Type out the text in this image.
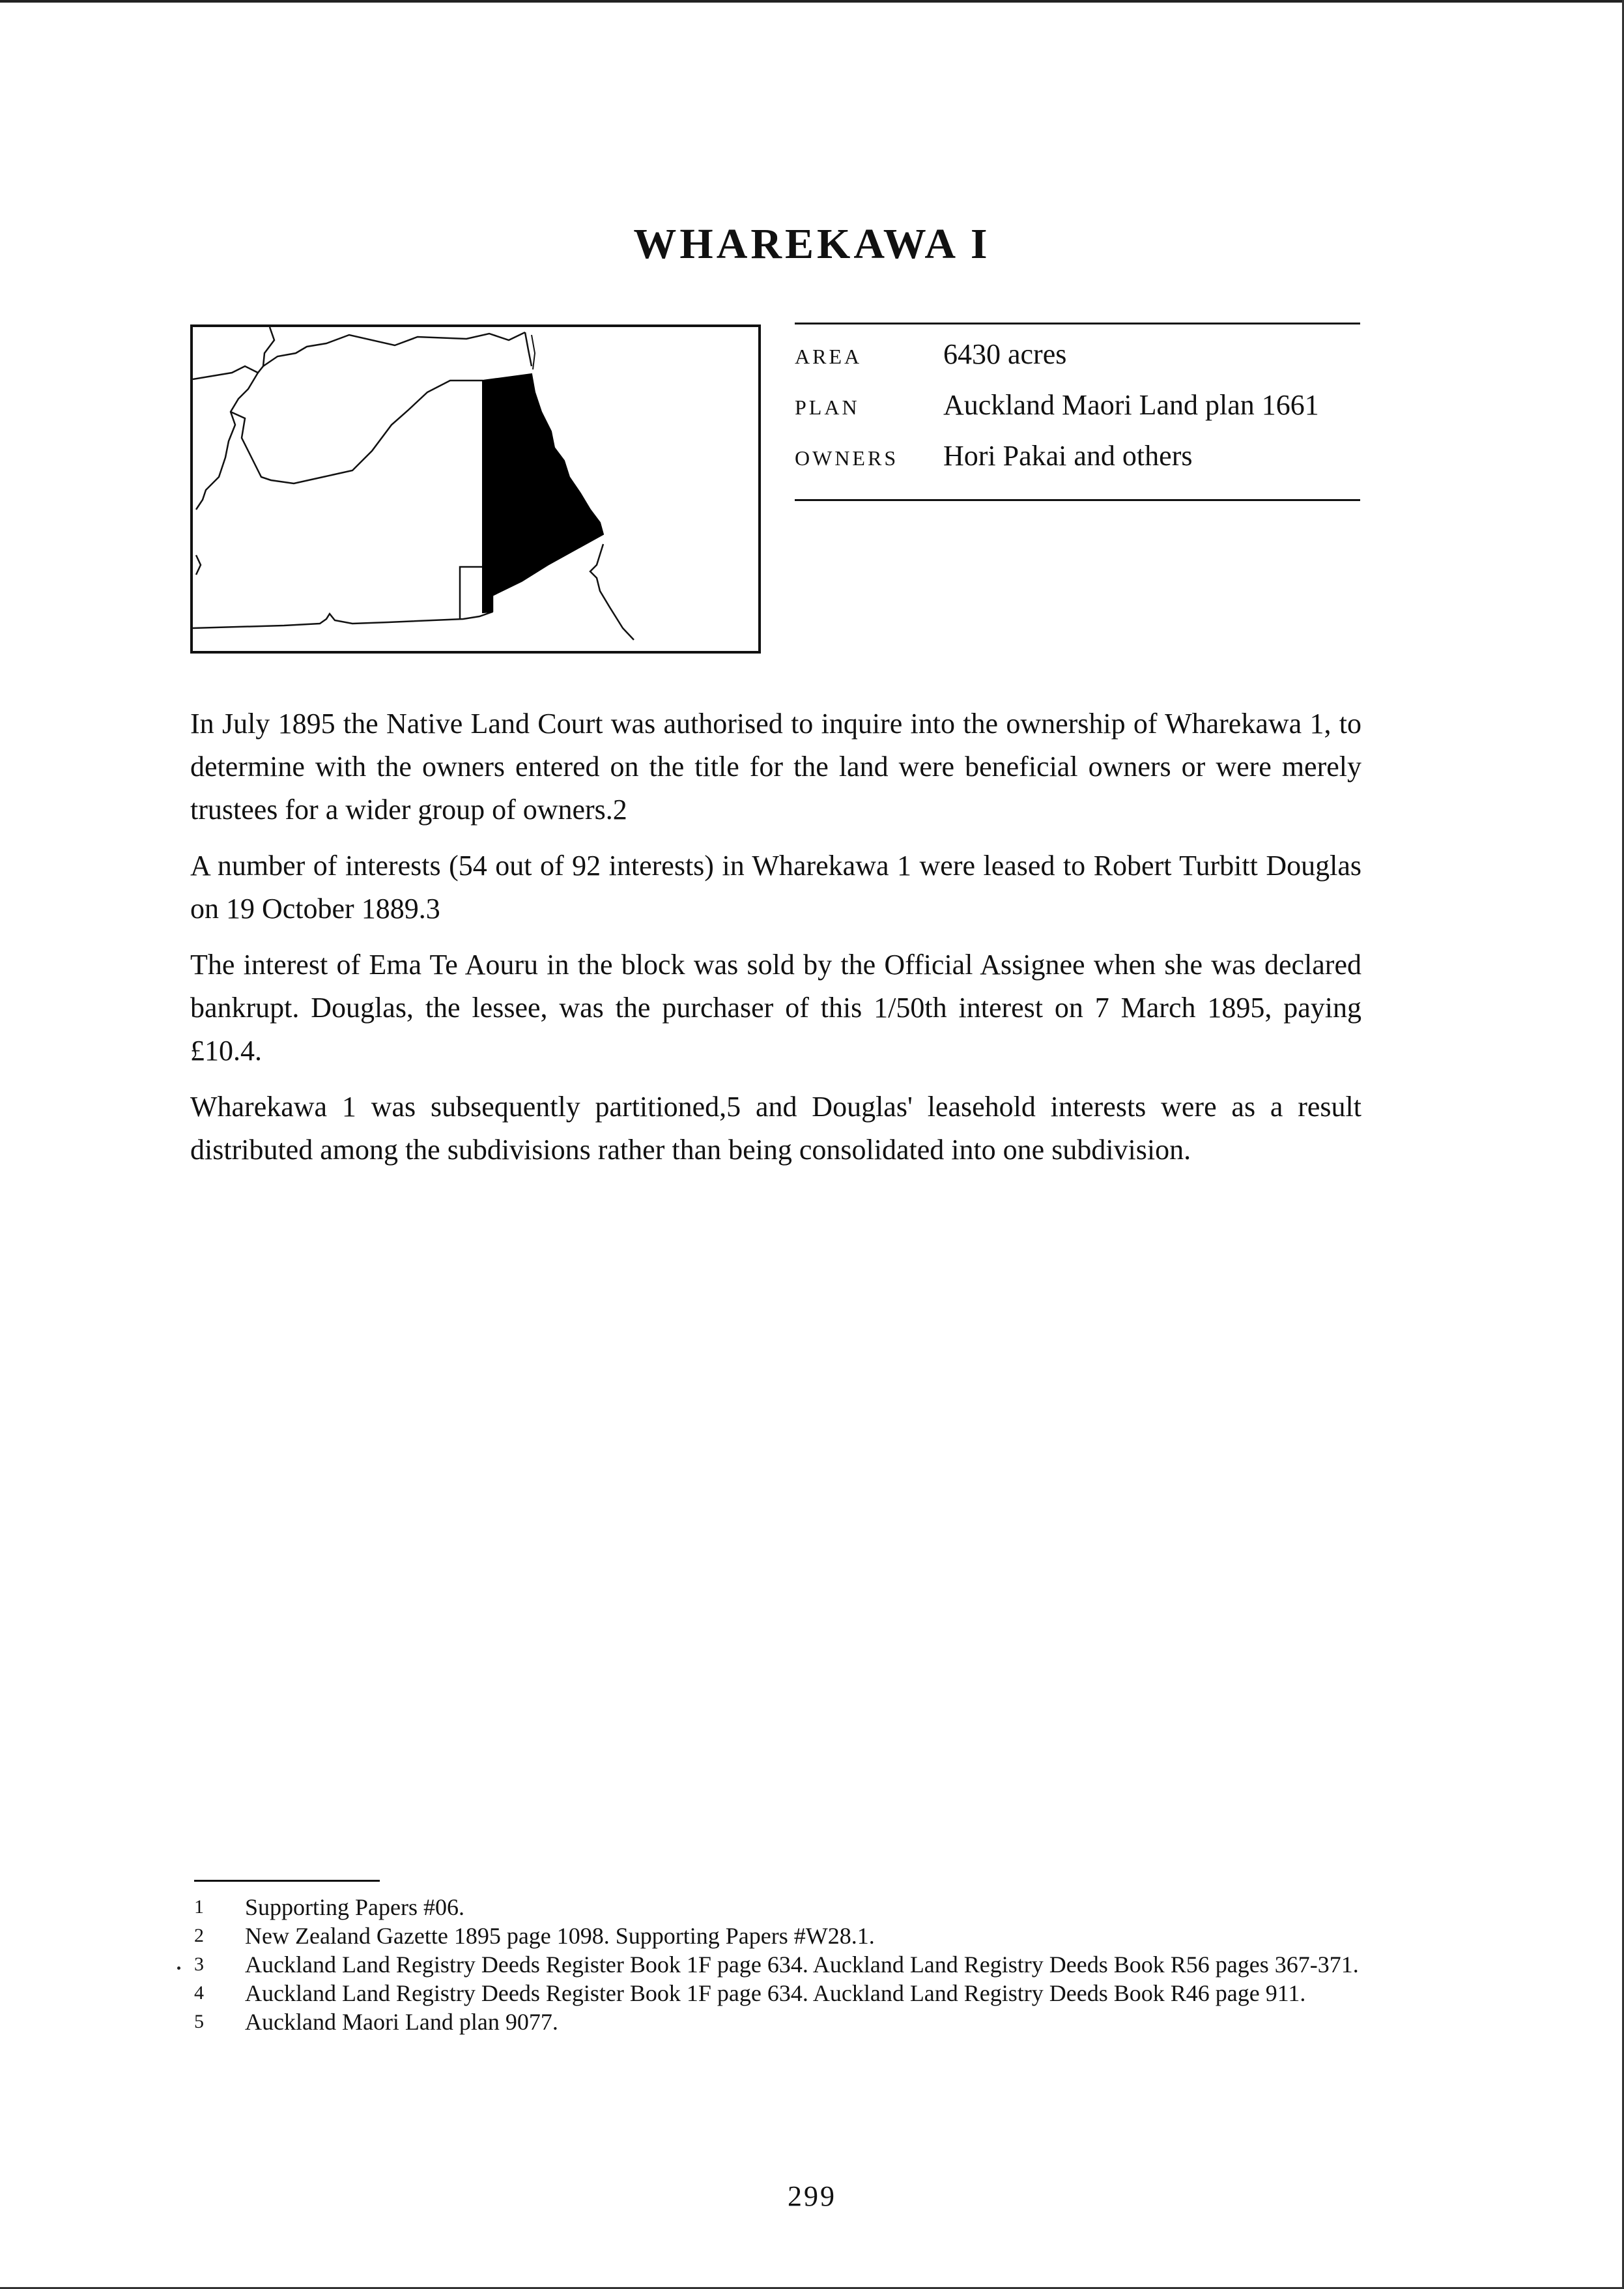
WHAREKAWA I
AREA	6430 acres
PLAN	Auckland Maori Land plan 1661
OWNERS	Hori Pakai and others

In July 1895 the Native Land Court was authorised to inquire into the ownership of Wharekawa 1, to determine with the owners entered on the title for the land were beneficial owners or were merely trustees for a wider group of owners.2

A number of interests (54 out of 92 interests) in Wharekawa 1 were leased to Robert Turbitt Douglas on 19 October 1889.3

The interest of Ema Te Aouru in the block was sold by the Official Assignee when she was declared bankrupt. Douglas, the lessee, was the purchaser of this 1/50th interest on 7 March 1895, paying £10.4.

Wharekawa 1 was subsequently partitioned,5 and Douglas' leasehold interests were as a result distributed among the subdivisions rather than being consolidated into one subdivision.

1	Supporting Papers #06.
2	New Zealand Gazette 1895 page 1098. Supporting Papers #W28.1.
3	Auckland Land Registry Deeds Register Book 1F page 634. Auckland Land Registry Deeds Book R56 pages 367-371.
4	Auckland Land Registry Deeds Register Book 1F page 634. Auckland Land Registry Deeds Book R46 page 911.
5	Auckland Maori Land plan 9077.
299
